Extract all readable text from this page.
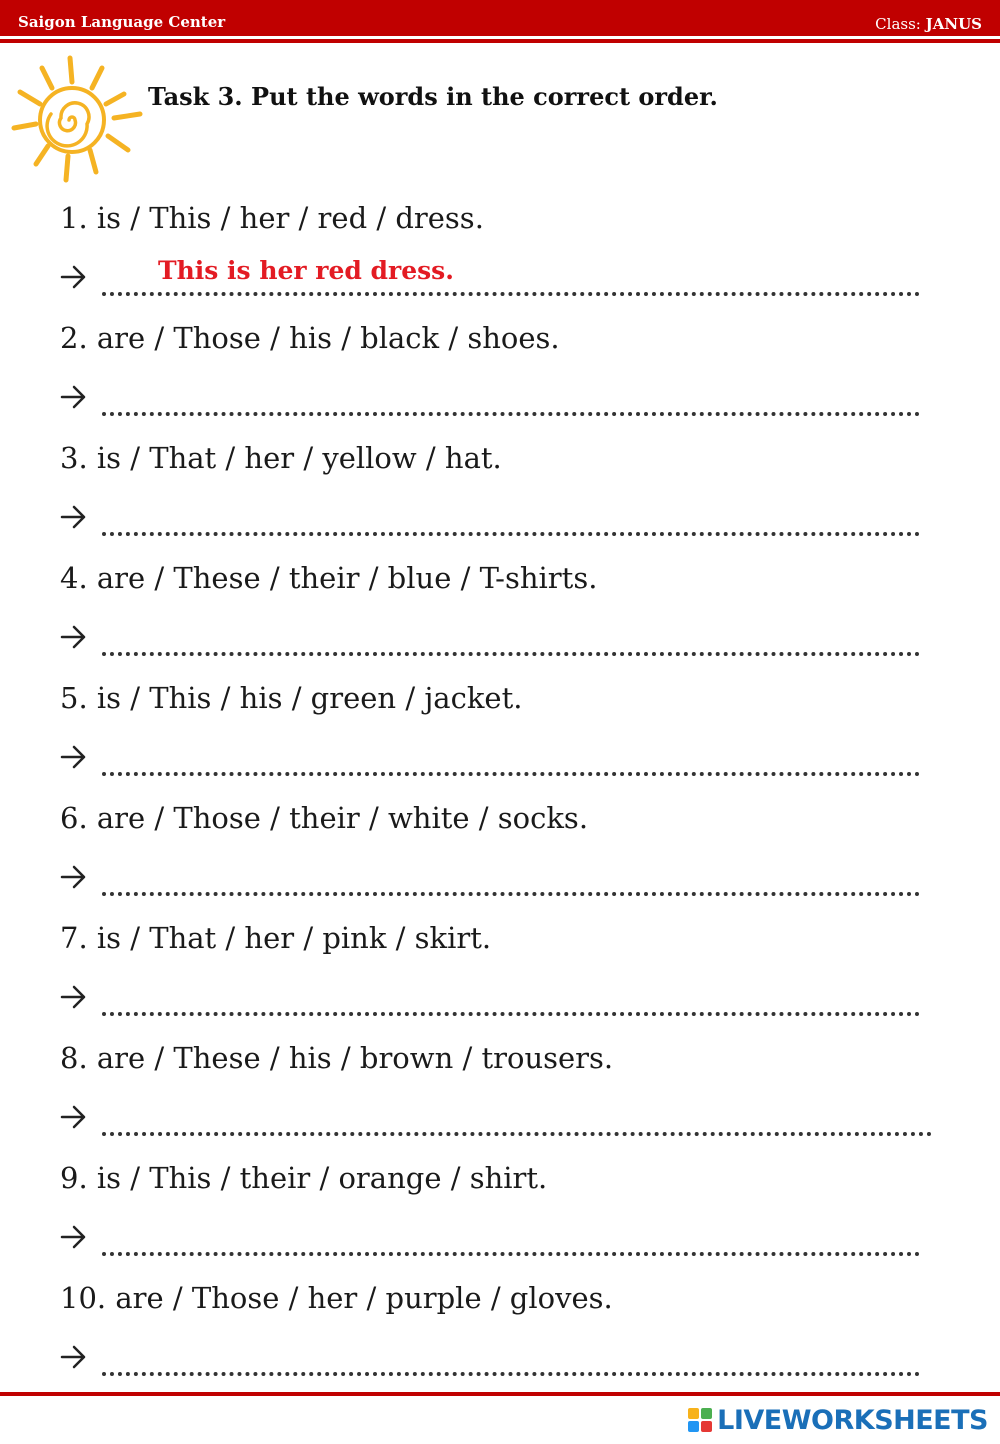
Saigon Language Center	Class: JANUS
Task 3. Put the words in the correct order.
1. is / This / her / red / dress.
This is her red dress.
2. are / Those / his / black / shoes.
3. is / That / her / yellow / hat.
4. are / These / their / blue / T-shirts.
5. is / This / his / green / jacket.
6. are / Those / their / white / socks.
7. is / That / her / pink / skirt.
8. are / These / his / brown / trousers.
9. is / This / their / orange / shirt.
10. are / Those / her / purple / gloves.
LIVEWORKSHEETS
